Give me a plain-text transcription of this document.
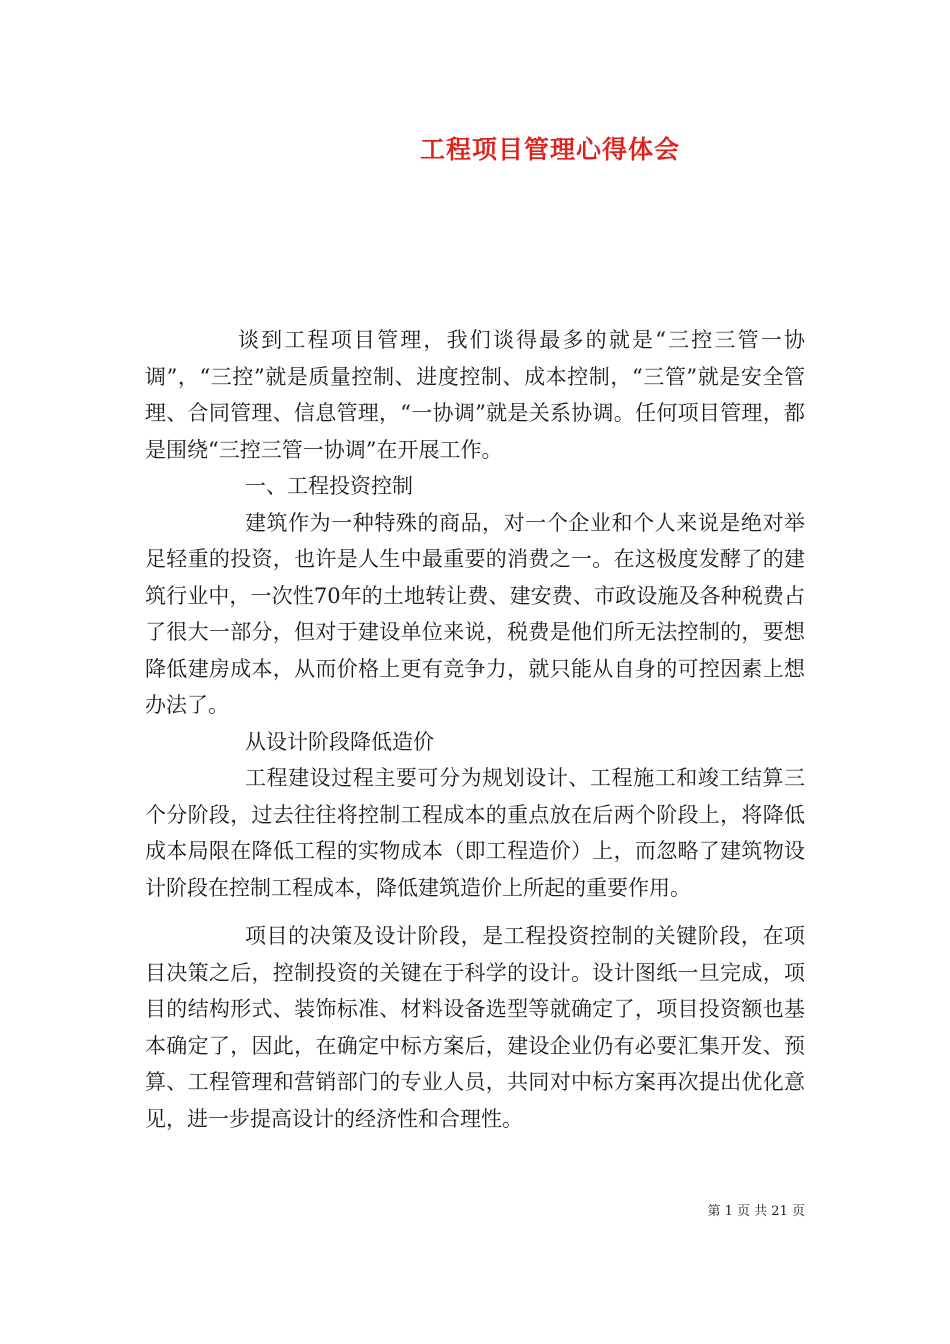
工程项目管理心得体会

谈到工程项目管理，我们谈得最多的就是“三控三管一协调”，“三控”就是质量控制、进度控制、成本控制，“三管”就是安全管理、合同管理、信息管理，“一协调”就是关系协调。任何项目管理，都是围绕“三控三管一协调”在开展工作。

一、工程投资控制

建筑作为一种特殊的商品，对一个企业和个人来说是绝对举足轻重的投资，也许是人生中最重要的消费之一。在这极度发酵了的建筑行业中，一次性70年的土地转让费、建安费、市政设施及各种税费占了很大一部分，但对于建设单位来说，税费是他们所无法控制的，要想降低建房成本，从而价格上更有竞争力，就只能从自身的可控因素上想办法了。

从设计阶段降低造价

工程建设过程主要可分为规划设计、工程施工和竣工结算三个分阶段，过去往往将控制工程成本的重点放在后两个阶段上，将降低成本局限在降低工程的实物成本（即工程造价）上，而忽略了建筑物设计阶段在控制工程成本，降低建筑造价上所起的重要作用。

项目的决策及设计阶段，是工程投资控制的关键阶段，在项目决策之后，控制投资的关键在于科学的设计。设计图纸一旦完成，项目的结构形式、装饰标准、材料设备选型等就确定了，项目投资额也基本确定了，因此，在确定中标方案后，建设企业仍有必要汇集开发、预算、工程管理和营销部门的专业人员，共同对中标方案再次提出优化意见，进一步提高设计的经济性和合理性。

第 1 页 共 21 页
